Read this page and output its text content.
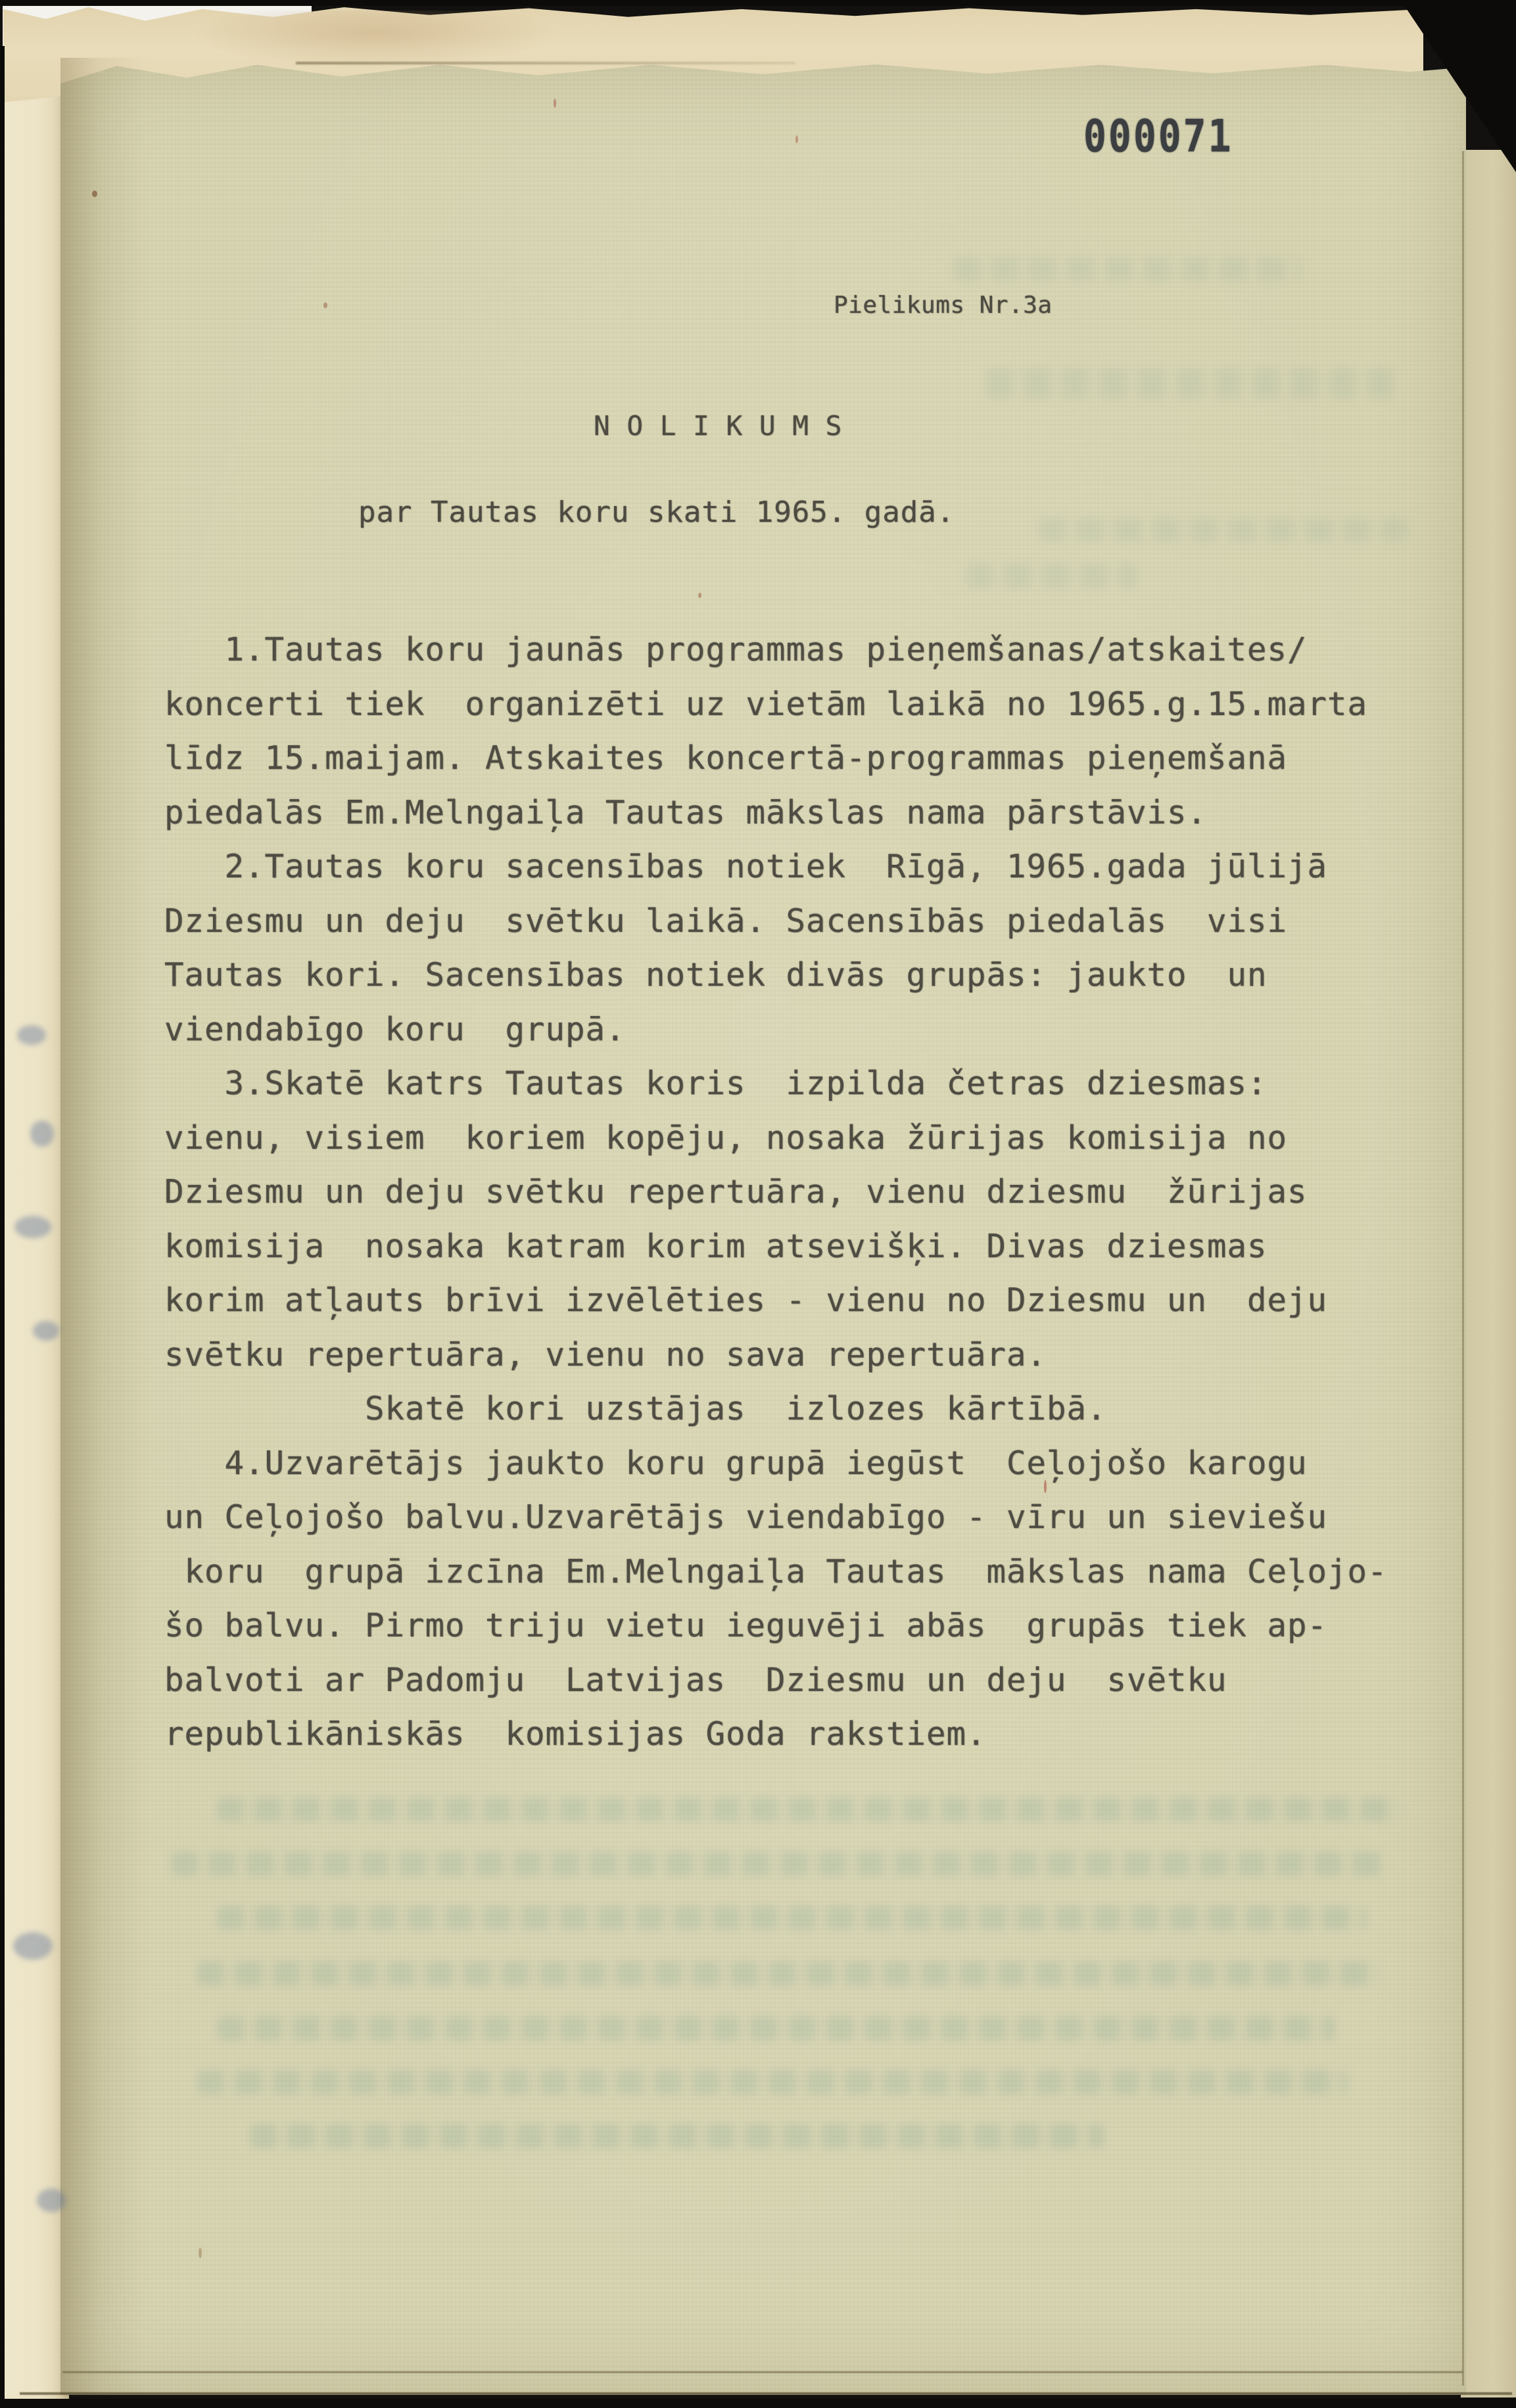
000071
Pielikums Nr.3a
N O L I K U M S
par Tautas koru skati 1965. gadā.
1.Tautas koru jaunās programmas pieņemšanas/atskaites/
koncerti tiek  organizēti uz vietām laikā no 1965.g.15.marta
līdz 15.maijam. Atskaites koncertā-programmas pieņemšanā
piedalās Em.Melngaiļa Tautas mākslas nama pārstāvis.
2.Tautas koru sacensības notiek  Rīgā, 1965.gada jūlijā
Dziesmu un deju  svētku laikā. Sacensībās piedalās  visi
Tautas kori. Sacensības notiek divās grupās: jaukto  un
viendabīgo koru  grupā.
3.Skatē katrs Tautas koris  izpilda četras dziesmas:
vienu, visiem  koriem kopēju, nosaka žūrijas komisija no
Dziesmu un deju svētku repertuāra, vienu dziesmu  žūrijas
komisija  nosaka katram korim atsevišķi. Divas dziesmas
korim atļauts brīvi izvēlēties - vienu no Dziesmu un  deju
svētku repertuāra, vienu no sava repertuāra.
Skatē kori uzstājas  izlozes kārtībā.
4.Uzvarētājs jaukto koru grupā iegūst  Ceļojošo karogu
un Ceļojošo balvu.Uzvarētājs viendabīgo - vīru un sieviešu
koru  grupā izcīna Em.Melngaiļa Tautas  mākslas nama Ceļojo-
šo balvu. Pirmo triju vietu ieguvēji abās  grupās tiek ap-
balvoti ar Padomju  Latvijas  Dziesmu un deju  svētku
republikāniskās  komisijas Goda rakstiem.
